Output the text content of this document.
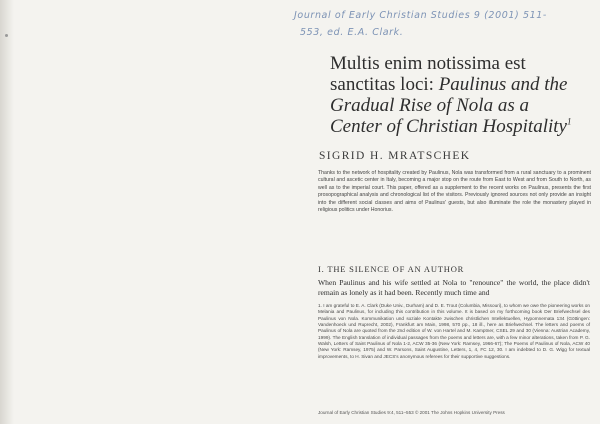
Journal of Early Christian Studies 9 (2001) 511-
553, ed. E.A. Clark.
Multis enim notissima est
sanctitas loci: Paulinus and the
Gradual Rise of Nola as a
Center of Christian Hospitality$^1$
SIGRID H. MRATSCHEK
Thanks to the network of hospitality created by Paulinus, Nola was transformed from a rural sanctuary to a prominent cultural and ascetic center in Italy, becoming a major stop on the route from East to West and from South to North, as well as to the imperial court. This paper, offered as a supplement to the recent works on Paulinus, presents the first prosopographical analysis and chronological list of the visitors. Previously ignored sources not only provide an insight into the different social classes and aims of Paulinus' guests, but also illuminate the role the monastery played in religious politics under Honorius.
I. THE SILENCE OF AN AUTHOR
When Paulinus and his wife settled at Nola to "renounce" the world, the place didn't remain as lonely as it had been. Recently much time and
1. I am grateful to E. A. Clark (Duke Univ., Durham) and D. E. Trout (Columbia, Missouri), to whom we owe the pioneering works on Melania and Paulinus, for including this contribution in this volume. It is based on my forthcoming book Der Briefwechsel des Paulinus von Nola. Kommunikation und soziale Kontakte zwischen christlichen Intellektuellen, Hypomnemata 134 (Göttingen: Vandenhoeck und Ruprecht, 2002), Frankfurt am Main, 1998, 570 pp., 18 ill., here as Briefwechsel. The letters and poems of Paulinus of Nola are quoted from the 2nd edition of W. von Hartel and M. Kamptner, CSEL 29 and 30 (Vienna: Austrian Academy, 1999). The English translation of individual passages from the poems and letters are, with a few minor alterations, taken from P. G. Walsh, Letters of Saint Paulinus of Nola 1-2, ACW 35-36 (New York: Ramsey, 1966-67); The Poems of Paulinus of Nola, ACW 40 (New York: Ramsey, 1975) and W. Parsons, Saint Augustine, Letters, 1, 4, FC 12, 30. I am indebted to D. G. Wigg for textual improvements, to H. Sivan and JECS's anonymous referees for their supportive suggestions.
Journal of Early Christian Studies 9:4, 511–553 © 2001 The Johns Hopkins University Press
